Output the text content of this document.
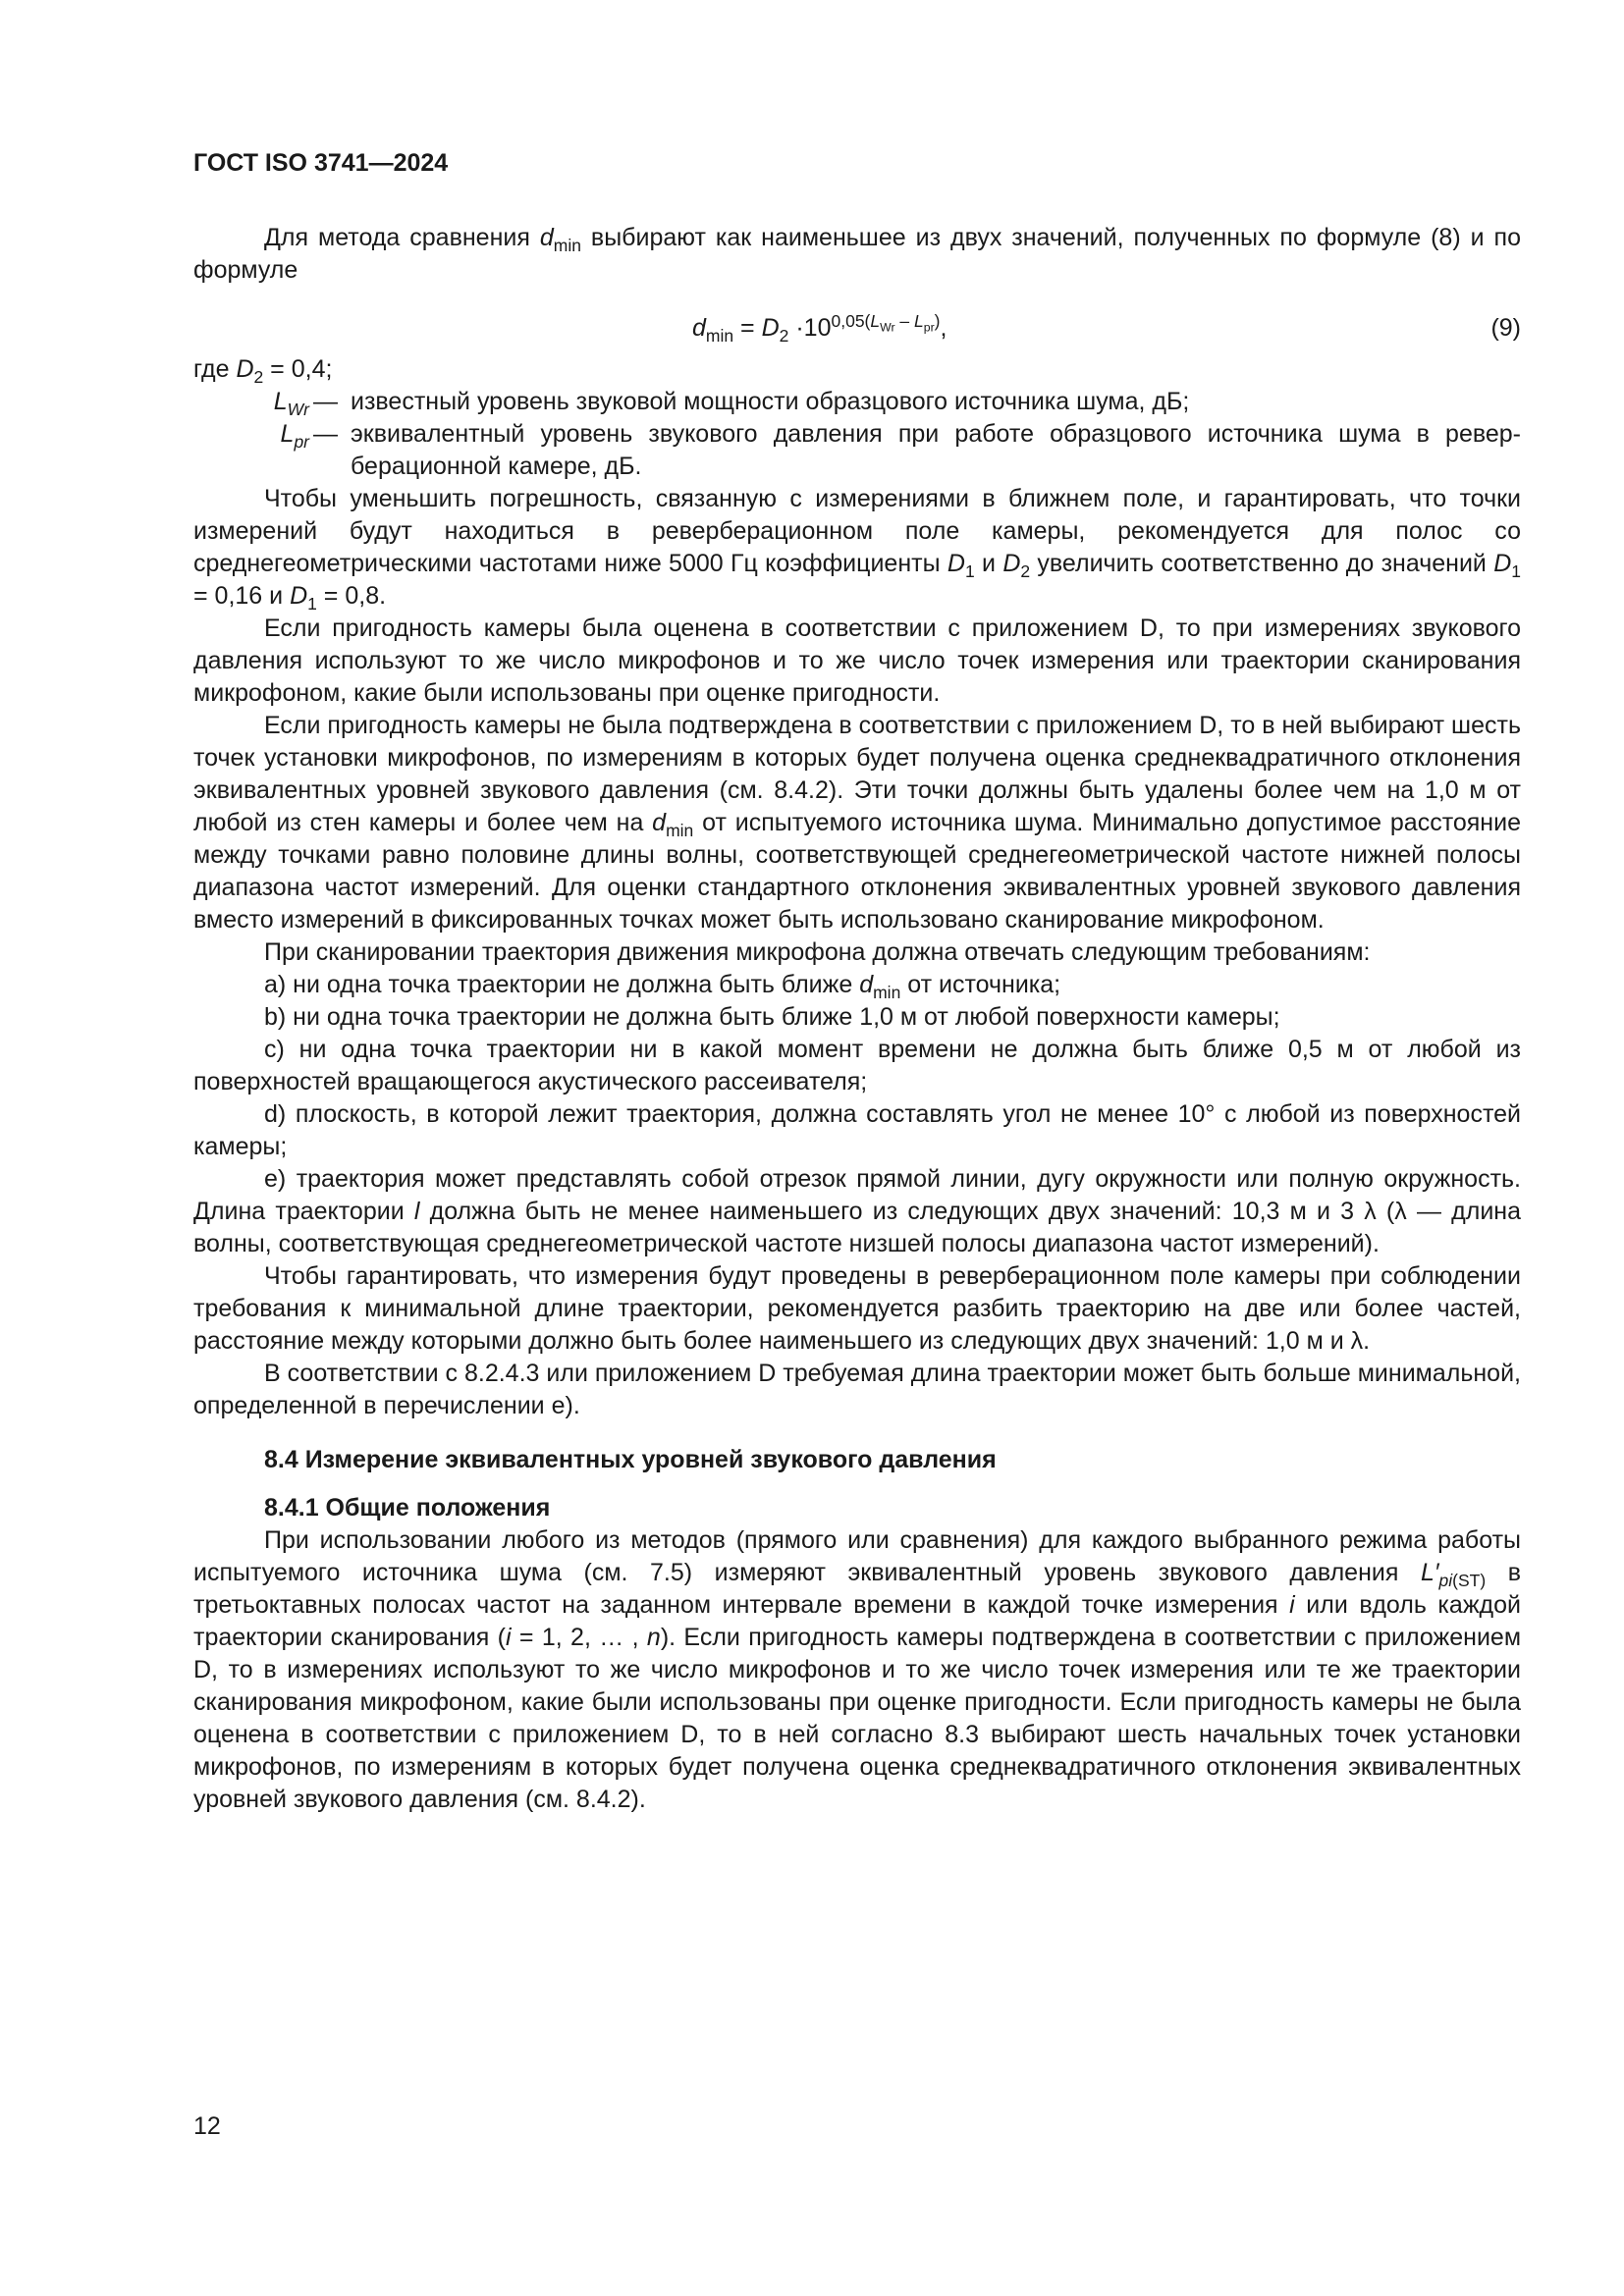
ГОСТ ISO 3741—2024

Для метода сравнения $d_{min}$ выбирают как наименьшее из двух значений, полученных по формуле (8) и по формуле

$d_{min} = D_2 \cdot 10^{0,05(L_{Wr} - L_{pr})}$,	(9)

где $D_2 = 0,4$;

$L_{Wr}$ — известный уровень звуковой мощности образцового источника шума, дБ;
$L_{pr}$ — эквивалентный уровень звукового давления при работе образцового источника шума в реверберационной камере, дБ.

Чтобы уменьшить погрешность, связанную с измерениями в ближнем поле, и гарантировать, что точки измерений будут находиться в реверберационном поле камеры, рекомендуется для полос со среднегеометрическими частотами ниже 5000 Гц коэффициенты $D_1$ и $D_2$ увеличить соответственно до значений $D_1 = 0,16$ и $D_1 = 0,8$.

Если пригодность камеры была оценена в соответствии с приложением D, то при измерениях звукового давления используют то же число микрофонов и то же число точек измерения или траектории сканирования микрофоном, какие были использованы при оценке пригодности.

Если пригодность камеры не была подтверждена в соответствии с приложением D, то в ней выбирают шесть точек установки микрофонов, по измерениям в которых будет получена оценка среднеквадратичного отклонения эквивалентных уровней звукового давления (см. 8.4.2). Эти точки должны быть удалены более чем на 1,0 м от любой из стен камеры и более чем на $d_{min}$ от испытуемого источника шума. Минимально допустимое расстояние между точками равно половине длины волны, соответствующей среднегеометрической частоте нижней полосы диапазона частот измерений. Для оценки стандартного отклонения эквивалентных уровней звукового давления вместо измерений в фиксированных точках может быть использовано сканирование микрофоном.

При сканировании траектория движения микрофона должна отвечать следующим требованиям:

a) ни одна точка траектории не должна быть ближе $d_{min}$ от источника;

b) ни одна точка траектории не должна быть ближе 1,0 м от любой поверхности камеры;

c) ни одна точка траектории ни в какой момент времени не должна быть ближе 0,5 м от любой из поверхностей вращающегося акустического рассеивателя;

d) плоскость, в которой лежит траектория, должна составлять угол не менее 10° с любой из поверхностей камеры;

e) траектория может представлять собой отрезок прямой линии, дугу окружности или полную окружность. Длина траектории l должна быть не менее наименьшего из следующих двух значений: 10,3 м и 3 λ (λ — длина волны, соответствующая среднегеометрической частоте низшей полосы диапазона частот измерений).

Чтобы гарантировать, что измерения будут проведены в реверберационном поле камеры при соблюдении требования к минимальной длине траектории, рекомендуется разбить траекторию на две или более частей, расстояние между которыми должно быть более наименьшего из следующих двух значений: 1,0 м и λ.

В соответствии с 8.2.4.3 или приложением D требуемая длина траектории может быть больше минимальной, определенной в перечислении e).

8.4 Измерение эквивалентных уровней звукового давления

8.4.1 Общие положения

При использовании любого из методов (прямого или сравнения) для каждого выбранного режима работы испытуемого источника шума (см. 7.5) измеряют эквивалентный уровень звукового давления $L'_{pi(ST)}$ в третьоктавных полосах частот на заданном интервале времени в каждой точке измерения i или вдоль каждой траектории сканирования (i = 1, 2, … , n). Если пригодность камеры подтверждена в соответствии с приложением D, то в измерениях используют то же число микрофонов и то же число точек измерения или те же траектории сканирования микрофоном, какие были использованы при оценке пригодности. Если пригодность камеры не была оценена в соответствии с приложением D, то в ней согласно 8.3 выбирают шесть начальных точек установки микрофонов, по измерениям в которых будет получена оценка среднеквадратичного отклонения эквивалентных уровней звукового давления (см. 8.4.2).

12
